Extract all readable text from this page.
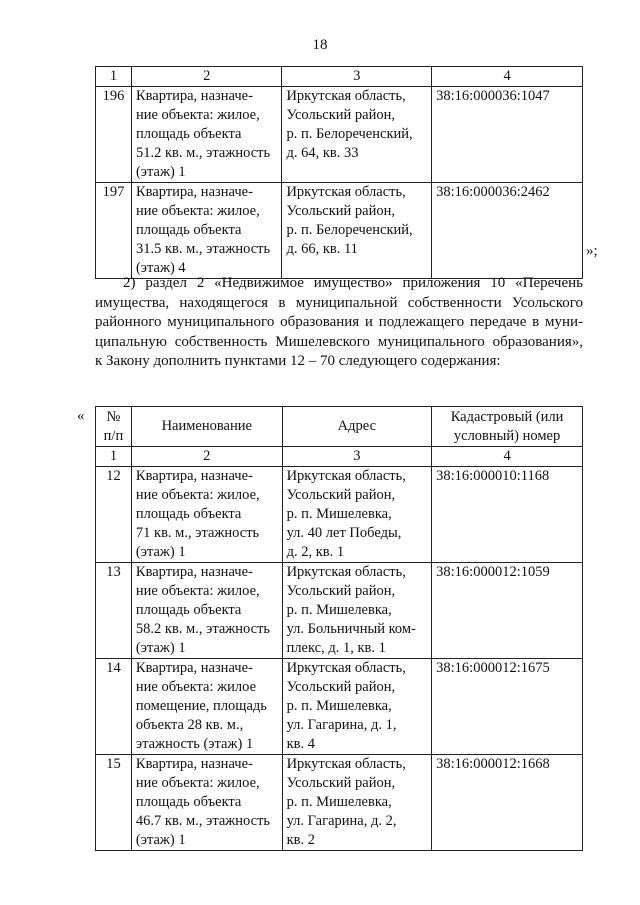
18
1	2	3	4
196	Квартира, назначе-
ние объекта: жилое,
площадь объекта
51.2 кв. м., этажность
(этаж) 1	Иркутская область,
Усольский район,
р. п. Белореченский,
д. 64, кв. 33	38:16:000036:1047
197	Квартира, назначе-
ние объекта: жилое,
площадь объекта
31.5 кв. м., этажность
(этаж) 4	Иркутская область,
Усольский район,
р. п. Белореченский,
д. 66, кв. 11	38:16:000036:2462
»;
2) раздел 2 «Недвижимое имущество» приложения 10 «Перечень
имущества, находящегося в муниципальной собственности Усольского
районного муниципального образования и подлежащего передаче в муни-
ципальную собственность Мишелевского муниципального образования»,
к Закону дополнить пунктами 12 – 70 следующего содержания:
« №
п/п	Наименование	Адрес	Кадастровый (или
условный) номер
1	2	3	4
12	Квартира, назначе-
ние объекта: жилое,
площадь объекта
71 кв. м., этажность
(этаж) 1	Иркутская область,
Усольский район,
р. п. Мишелевка,
ул. 40 лет Победы,
д. 2, кв. 1	38:16:000010:1168
13	Квартира, назначе-
ние объекта: жилое,
площадь объекта
58.2 кв. м., этажность
(этаж) 1	Иркутская область,
Усольский район,
р. п. Мишелевка,
ул. Больничный ком-
плекс, д. 1, кв. 1	38:16:000012:1059
14	Квартира, назначе-
ние объекта: жилое
помещение, площадь
объекта 28 кв. м.,
этажность (этаж) 1	Иркутская область,
Усольский район,
р. п. Мишелевка,
ул. Гагарина, д. 1,
кв. 4	38:16:000012:1675
15	Квартира, назначе-
ние объекта: жилое,
площадь объекта
46.7 кв. м., этажность
(этаж) 1	Иркутская область,
Усольский район,
р. п. Мишелевка,
ул. Гагарина, д. 2,
кв. 2	38:16:000012:1668
